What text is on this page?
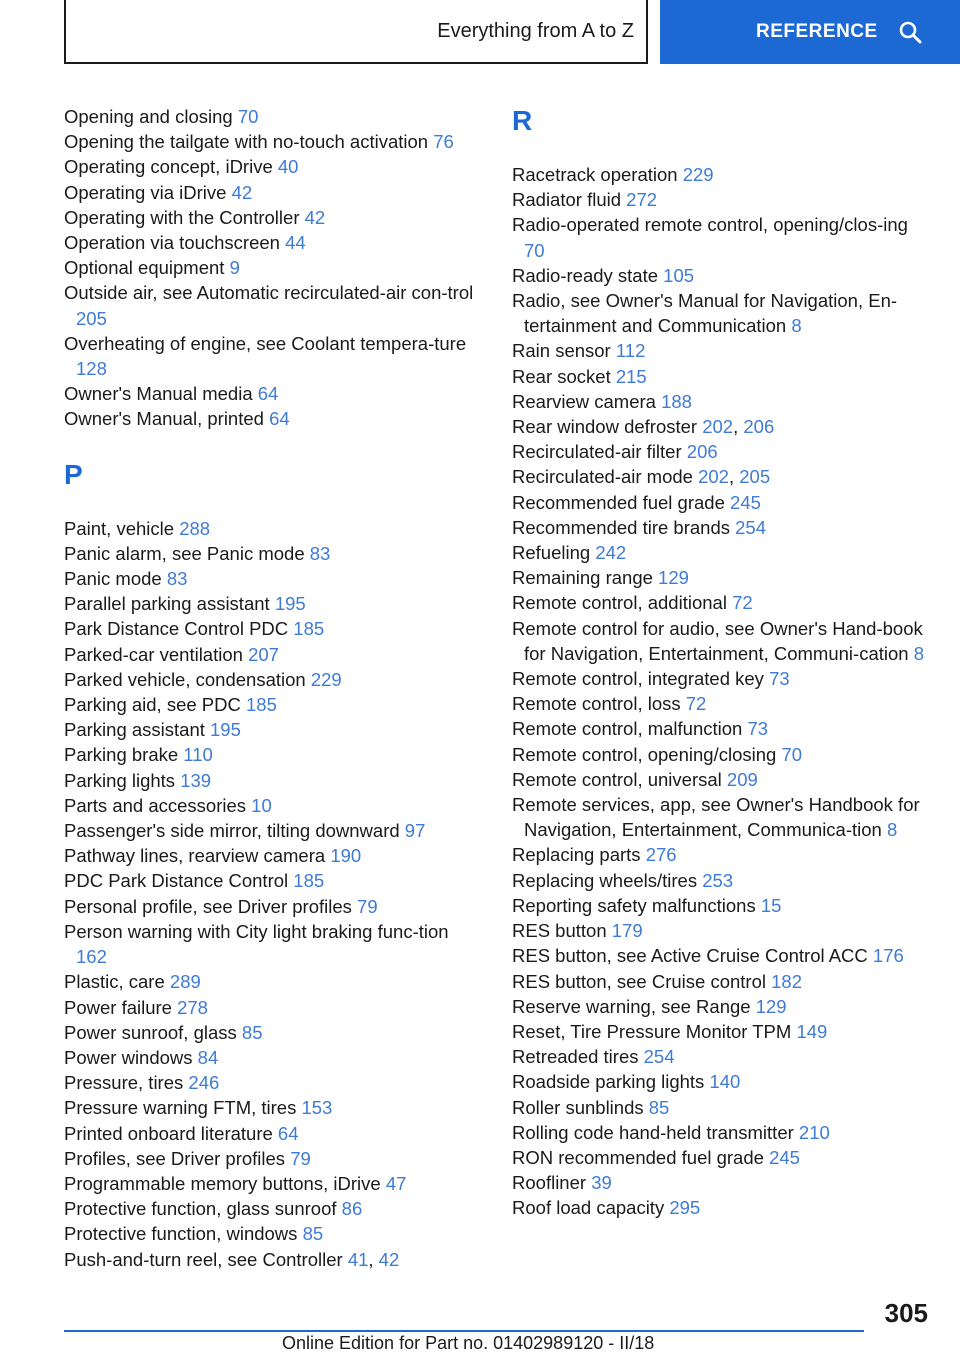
Everything from A to Z	REFERENCE
Opening and closing 70
Opening the tailgate with no-touch activation 76
Operating concept, iDrive 40
Operating via iDrive 42
Operating with the Controller 42
Operation via touchscreen 44
Optional equipment 9
Outside air, see Automatic recirculated-air con-trol 205
Overheating of engine, see Coolant tempera-ture 128
Owner's Manual media 64
Owner's Manual, printed 64
P
Paint, vehicle 288
Panic alarm, see Panic mode 83
Panic mode 83
Parallel parking assistant 195
Park Distance Control PDC 185
Parked-car ventilation 207
Parked vehicle, condensation 229
Parking aid, see PDC 185
Parking assistant 195
Parking brake 110
Parking lights 139
Parts and accessories 10
Passenger's side mirror, tilting downward 97
Pathway lines, rearview camera 190
PDC Park Distance Control 185
Personal profile, see Driver profiles 79
Person warning with City light braking func-tion 162
Plastic, care 289
Power failure 278
Power sunroof, glass 85
Power windows 84
Pressure, tires 246
Pressure warning FTM, tires 153
Printed onboard literature 64
Profiles, see Driver profiles 79
Programmable memory buttons, iDrive 47
Protective function, glass sunroof 86
Protective function, windows 85
Push-and-turn reel, see Controller 41, 42
R
Racetrack operation 229
Radiator fluid 272
Radio-operated remote control, opening/clos-ing 70
Radio-ready state 105
Radio, see Owner's Manual for Navigation, En-tertainment and Communication 8
Rain sensor 112
Rear socket 215
Rearview camera 188
Rear window defroster 202, 206
Recirculated-air filter 206
Recirculated-air mode 202, 205
Recommended fuel grade 245
Recommended tire brands 254
Refueling 242
Remaining range 129
Remote control, additional 72
Remote control for audio, see Owner's Hand-book for Navigation, Entertainment, Communi-cation 8
Remote control, integrated key 73
Remote control, loss 72
Remote control, malfunction 73
Remote control, opening/closing 70
Remote control, universal 209
Remote services, app, see Owner's Handbook for Navigation, Entertainment, Communica-tion 8
Replacing parts 276
Replacing wheels/tires 253
Reporting safety malfunctions 15
RES button 179
RES button, see Active Cruise Control ACC 176
RES button, see Cruise control 182
Reserve warning, see Range 129
Reset, Tire Pressure Monitor TPM 149
Retreaded tires 254
Roadside parking lights 140
Roller sunblinds 85
Rolling code hand-held transmitter 210
RON recommended fuel grade 245
Roofliner 39
Roof load capacity 295
305
Online Edition for Part no. 01402989120 - II/18
